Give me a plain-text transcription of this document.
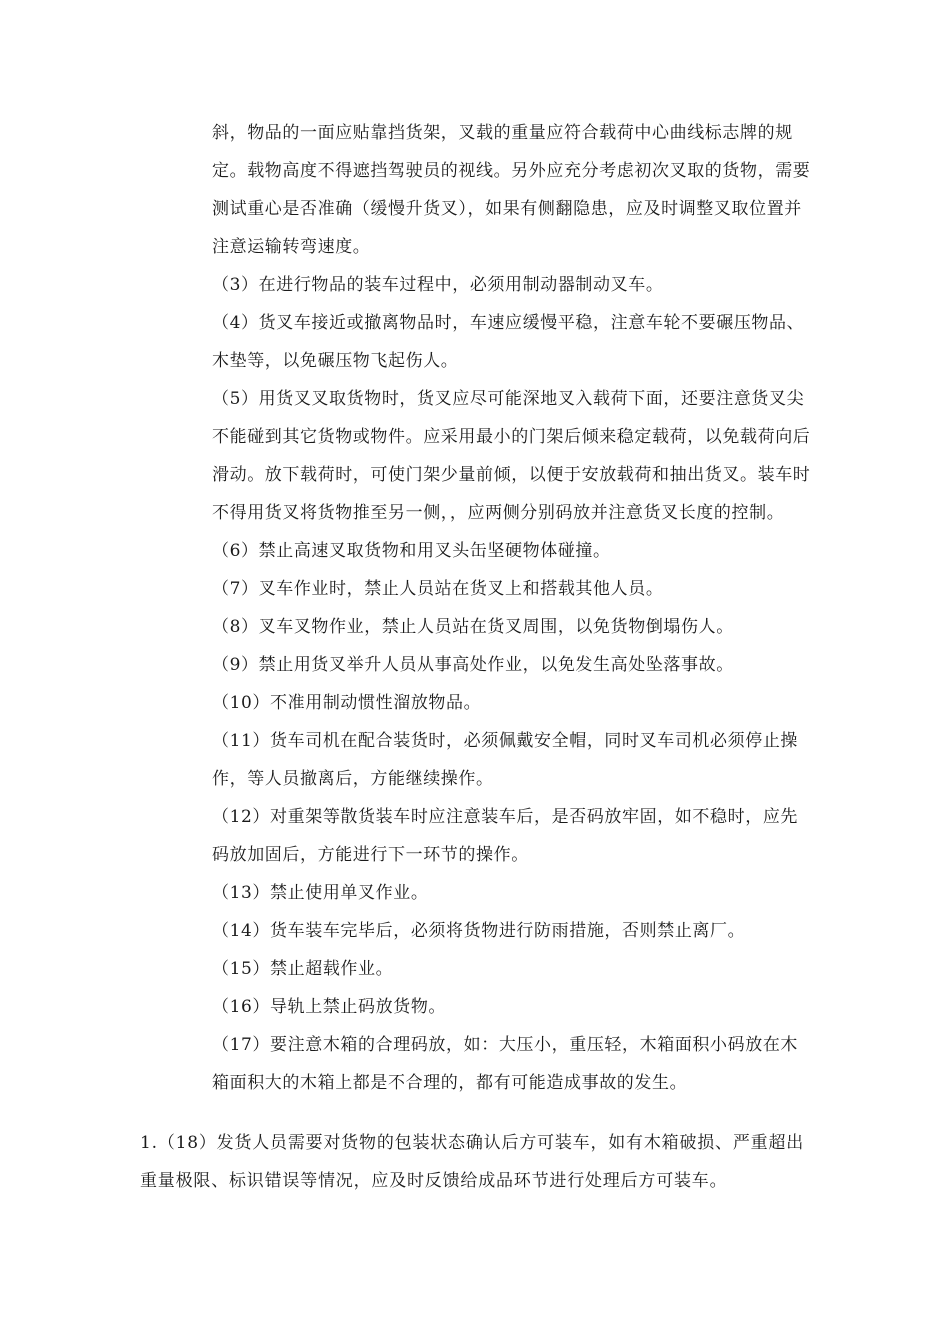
斜，物品的一面应贴靠挡货架，叉载的重量应符合载荷中心曲线标志牌的规定。载物高度不得遮挡驾驶员的视线。另外应充分考虑初次叉取的货物，需要测试重心是否准确（缓慢升货叉），如果有侧翻隐患，应及时调整叉取位置并注意运输转弯速度。

（3）在进行物品的装车过程中，必须用制动器制动叉车。

（4）货叉车接近或撤离物品时，车速应缓慢平稳，注意车轮不要碾压物品、木垫等，以免碾压物飞起伤人。

（5）用货叉叉取货物时，货叉应尽可能深地叉入载荷下面，还要注意货叉尖不能碰到其它货物或物件。应采用最小的门架后倾来稳定载荷，以免载荷向后滑动。放下载荷时，可使门架少量前倾，以便于安放载荷和抽出货叉。装车时不得用货叉将货物推至另一侧，，应两侧分别码放并注意货叉长度的控制。

（6）禁止高速叉取货物和用叉头缶坚硬物体碰撞。

（7）叉车作业时，禁止人员站在货叉上和搭载其他人员。

（8）叉车叉物作业，禁止人员站在货叉周围，以免货物倒塌伤人。

（9）禁止用货叉举升人员从事高处作业，以免发生高处坠落事故。

（10）不准用制动惯性溜放物品。

（11）货车司机在配合装货时，必须佩戴安全帽，同时叉车司机必须停止操作，等人员撤离后，方能继续操作。

（12）对重架等散货装车时应注意装车后，是否码放牢固，如不稳时，应先码放加固后，方能进行下一环节的操作。

（13）禁止使用单叉作业。

（14）货车装车完毕后，必须将货物进行防雨措施，否则禁止离厂。

（15）禁止超载作业。

（16）导轨上禁止码放货物。

（17）要注意木箱的合理码放，如：大压小，重压轻，木箱面积小码放在木箱面积大的木箱上都是不合理的，都有可能造成事故的发生。

1.（18）发货人员需要对货物的包装状态确认后方可装车，如有木箱破损、严重超出重量极限、标识错误等情况，应及时反馈给成品环节进行处理后方可装车。
